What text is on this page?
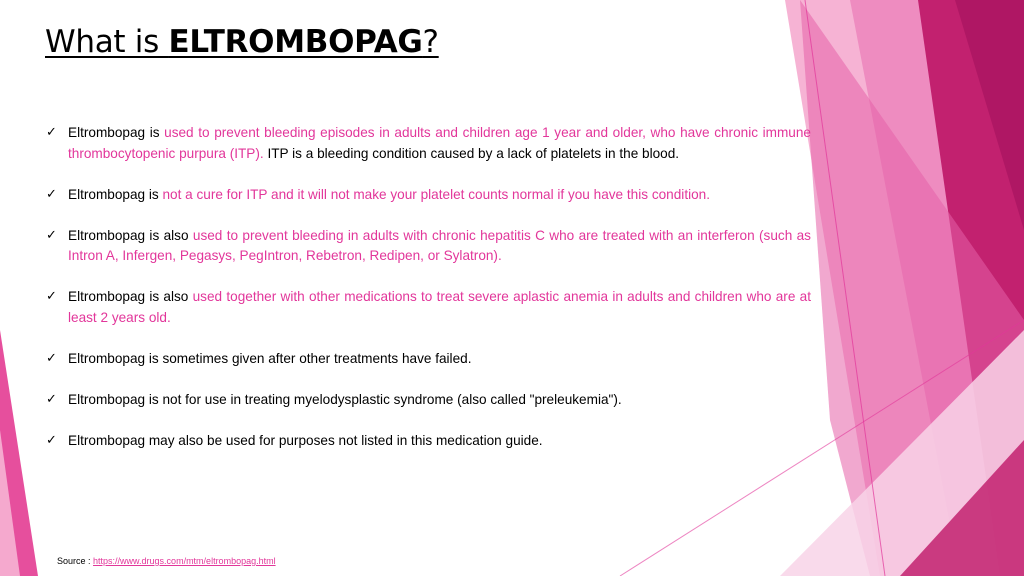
What is ELTROMBOPAG?
✓ Eltrombopag is used to prevent bleeding episodes in adults and children age 1 year and older, who have chronic immune thrombocytopenic purpura (ITP). ITP is a bleeding condition caused by a lack of platelets in the blood.
✓ Eltrombopag is not a cure for ITP and it will not make your platelet counts normal if you have this condition.
✓ Eltrombopag is also used to prevent bleeding in adults with chronic hepatitis C who are treated with an interferon (such as Intron A, Infergen, Pegasys, PegIntron, Rebetron, Redipen, or Sylatron).
✓ Eltrombopag is also used together with other medications to treat severe aplastic anemia in adults and children who are at least 2 years old.
✓ Eltrombopag is sometimes given after other treatments have failed.
✓ Eltrombopag is not for use in treating myelodysplastic syndrome (also called "preleukemia").
✓ Eltrombopag may also be used for purposes not listed in this medication guide.
Source : https://www.drugs.com/mtm/eltrombopag.html
